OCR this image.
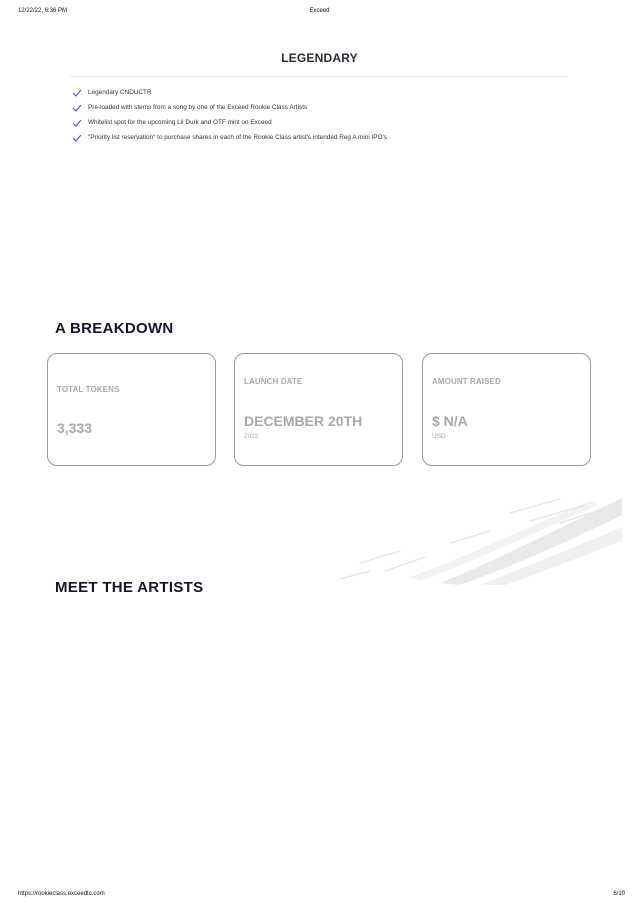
12/22/22, 6:36 PM	Exceed
LEGENDARY
Legendary CNDUCTR
Pre-loaded with stems from a song by one of the Exceed Rookie Class Artists
Whitelist spot for the upcoming Lil Durk and OTF mint on Exceed
"Priority list reservation" to purchase shares in each of the Rookie Class artist's intended Reg A mini IPO's
A BREAKDOWN
TOTAL TOKENS
3,333
LAUNCH DATE
DECEMBER 20TH
2022
AMOUNT RAISED
$ N/A
USD
MEET THE ARTISTS
https://rookieclass.exceedtc.com	6/10
